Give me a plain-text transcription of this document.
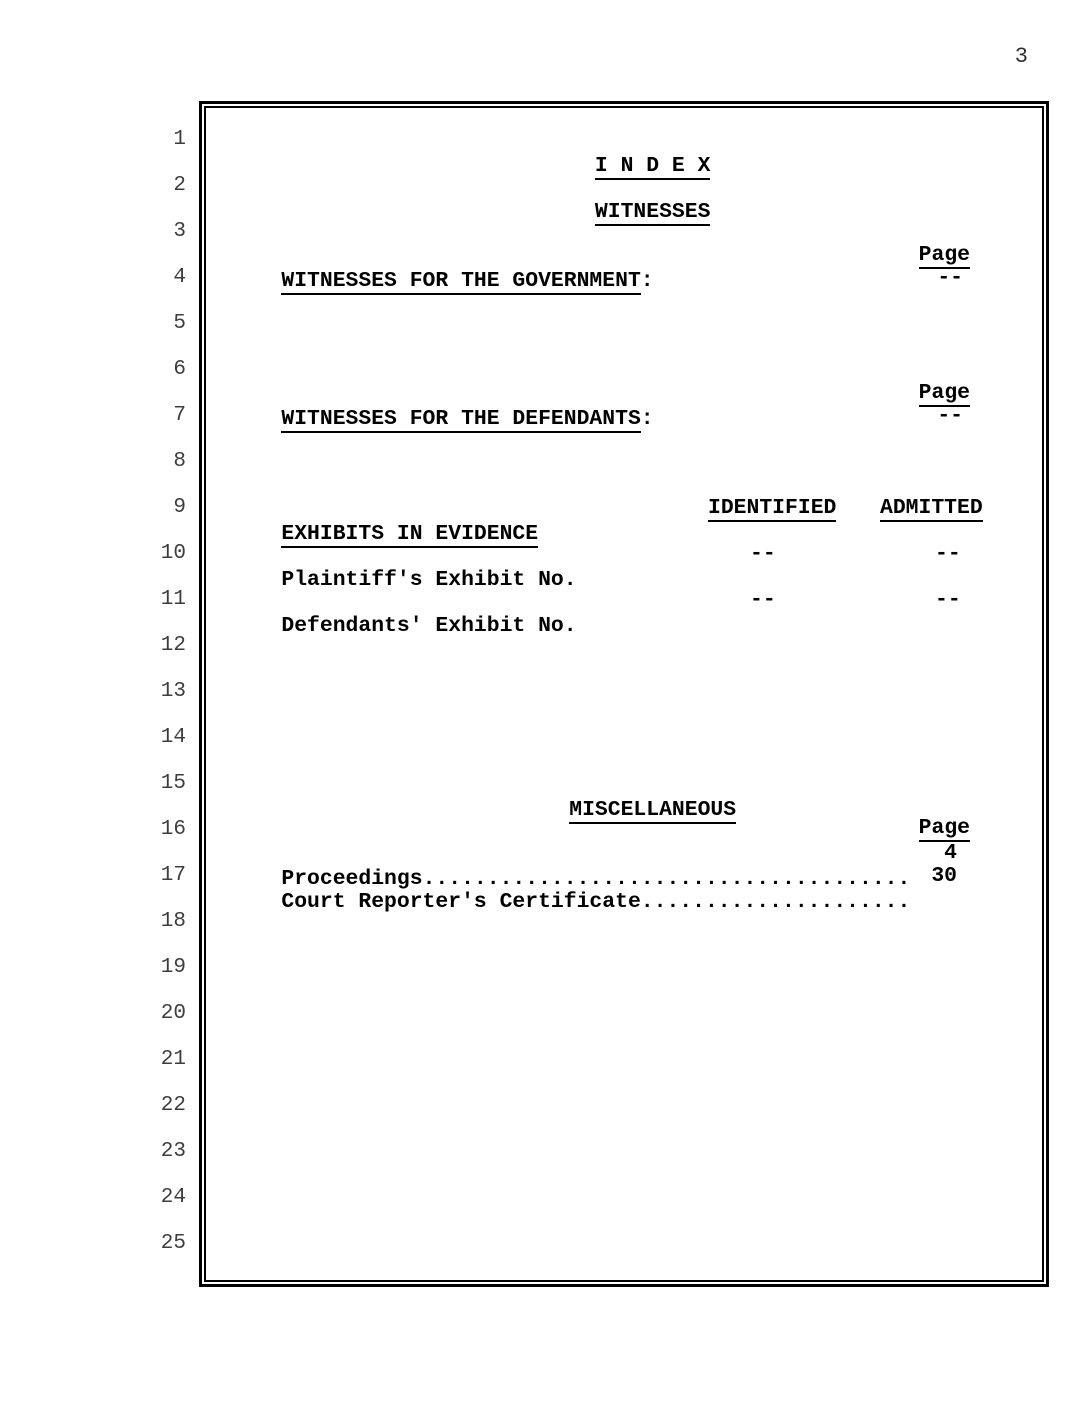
3
1
2
3
4
5
6
7
8
9
10
11
12
13
14
15
16
17
18
19
20
21
22
23
24
25

I N D E X

WITNESSES

WITNESSES FOR THE GOVERNMENT:

Page

--

WITNESSES FOR THE DEFENDANTS:

Page

--

EXHIBITS IN EVIDENCE

IDENTIFIED

ADMITTED

Plaintiff's Exhibit No.

--

	--

Defendants' Exhibit No.

--

	--

MISCELLANEOUS

Page

Proceedings......................................

4

Court Reporter's Certificate.....................

30
